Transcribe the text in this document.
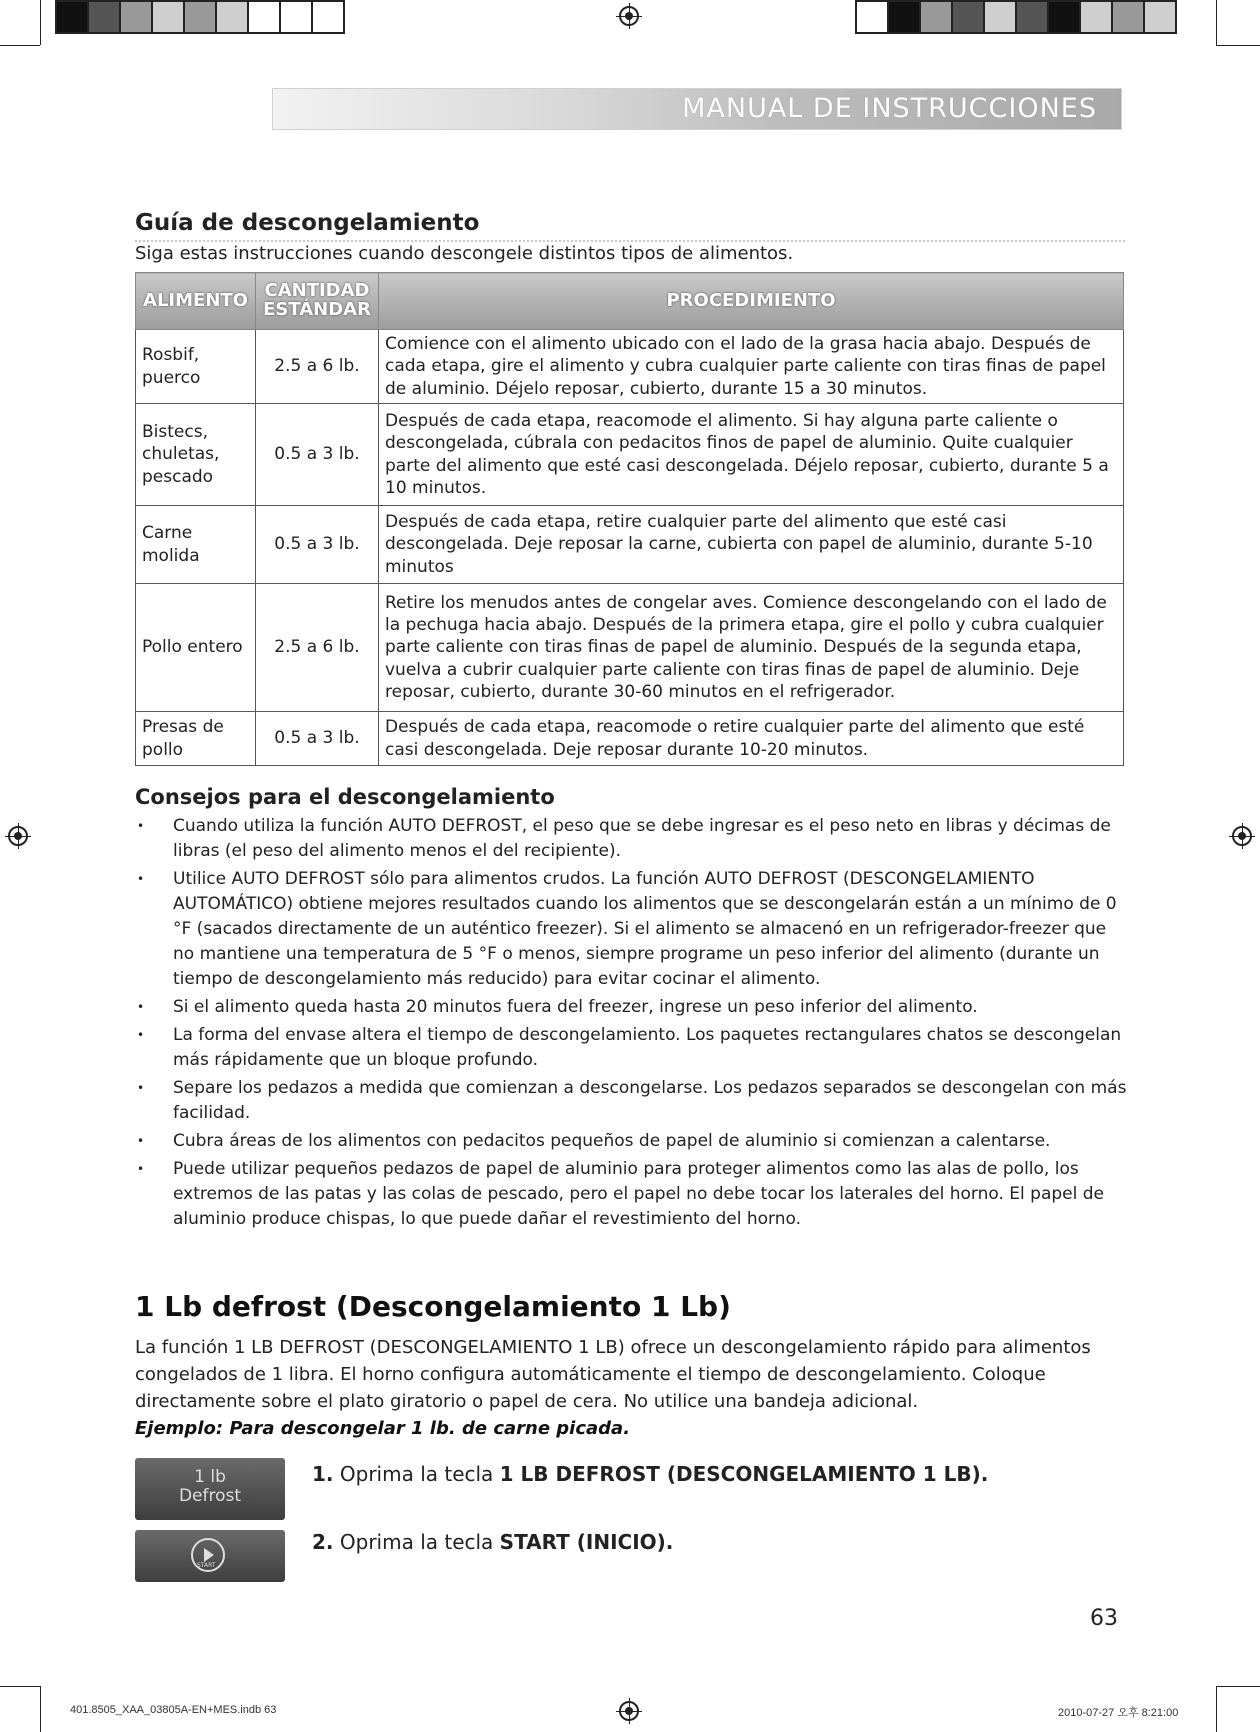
MANUAL DE INSTRUCCIONES
Guía de descongelamiento
Siga estas instrucciones cuando descongele distintos tipos de alimentos.
ALIMENTO	CANTIDAD ESTÁNDAR	PROCEDIMIENTO
Rosbif, puerco	2.5 a 6 lb.	Comience con el alimento ubicado con el lado de la grasa hacia abajo. Después de cada etapa, gire el alimento y cubra cualquier parte caliente con tiras finas de papel de aluminio. Déjelo reposar, cubierto, durante 15 a 30 minutos.
Bistecs, chuletas, pescado	0.5 a 3 lb.	Después de cada etapa, reacomode el alimento. Si hay alguna parte caliente o descongelada, cúbrala con pedacitos finos de papel de aluminio. Quite cualquier parte del alimento que esté casi descongelada. Déjelo reposar, cubierto, durante 5 a 10 minutos.
Carne molida	0.5 a 3 lb.	Después de cada etapa, retire cualquier parte del alimento que esté casi descongelada. Deje reposar la carne, cubierta con papel de aluminio, durante 5-10 minutos
Pollo entero	2.5 a 6 lb.	Retire los menudos antes de congelar aves. Comience descongelando con el lado de la pechuga hacia abajo. Después de la primera etapa, gire el pollo y cubra cualquier parte caliente con tiras finas de papel de aluminio. Después de la segunda etapa, vuelva a cubrir cualquier parte caliente con tiras finas de papel de aluminio. Deje reposar, cubierto, durante 30-60 minutos en el refrigerador.
Presas de pollo	0.5 a 3 lb.	Después de cada etapa, reacomode o retire cualquier parte del alimento que esté casi descongelada. Deje reposar durante 10-20 minutos.
Consejos para el descongelamiento
• Cuando utiliza la función AUTO DEFROST, el peso que se debe ingresar es el peso neto en libras y décimas de libras (el peso del alimento menos el del recipiente).
• Utilice AUTO DEFROST sólo para alimentos crudos. La función AUTO DEFROST (DESCONGELAMIENTO AUTOMÁTICO) obtiene mejores resultados cuando los alimentos que se descongelarán están a un mínimo de 0 °F (sacados directamente de un auténtico freezer). Si el alimento se almacenó en un refrigerador-freezer que no mantiene una temperatura de 5 °F o menos, siempre programe un peso inferior del alimento (durante un tiempo de descongelamiento más reducido) para evitar cocinar el alimento.
• Si el alimento queda hasta 20 minutos fuera del freezer, ingrese un peso inferior del alimento.
• La forma del envase altera el tiempo de descongelamiento. Los paquetes rectangulares chatos se descongelan más rápidamente que un bloque profundo.
• Separe los pedazos a medida que comienzan a descongelarse. Los pedazos separados se descongelan con más facilidad.
• Cubra áreas de los alimentos con pedacitos pequeños de papel de aluminio si comienzan a calentarse.
• Puede utilizar pequeños pedazos de papel de aluminio para proteger alimentos como las alas de pollo, los extremos de las patas y las colas de pescado, pero el papel no debe tocar los laterales del horno. El papel de aluminio produce chispas, lo que puede dañar el revestimiento del horno.
1 Lb defrost (Descongelamiento 1 Lb)

La función 1 LB DEFROST (DESCONGELAMIENTO 1 LB) ofrece un descongelamiento rápido para alimentos congelados de 1 libra. El horno configura automáticamente el tiempo de descongelamiento. Coloque directamente sobre el plato giratorio o papel de cera. No utilice una bandeja adicional.

Ejemplo: Para descongelar 1 lb. de carne picada.
1 lb
Defrost
1. Oprima la tecla 1 LB DEFROST (DESCONGELAMIENTO 1 LB).
START
2. Oprima la tecla START (INICIO).
63
401.8505_XAA_03805A-EN+MES.indb 63	2010-07-27 오후 8:21:00
